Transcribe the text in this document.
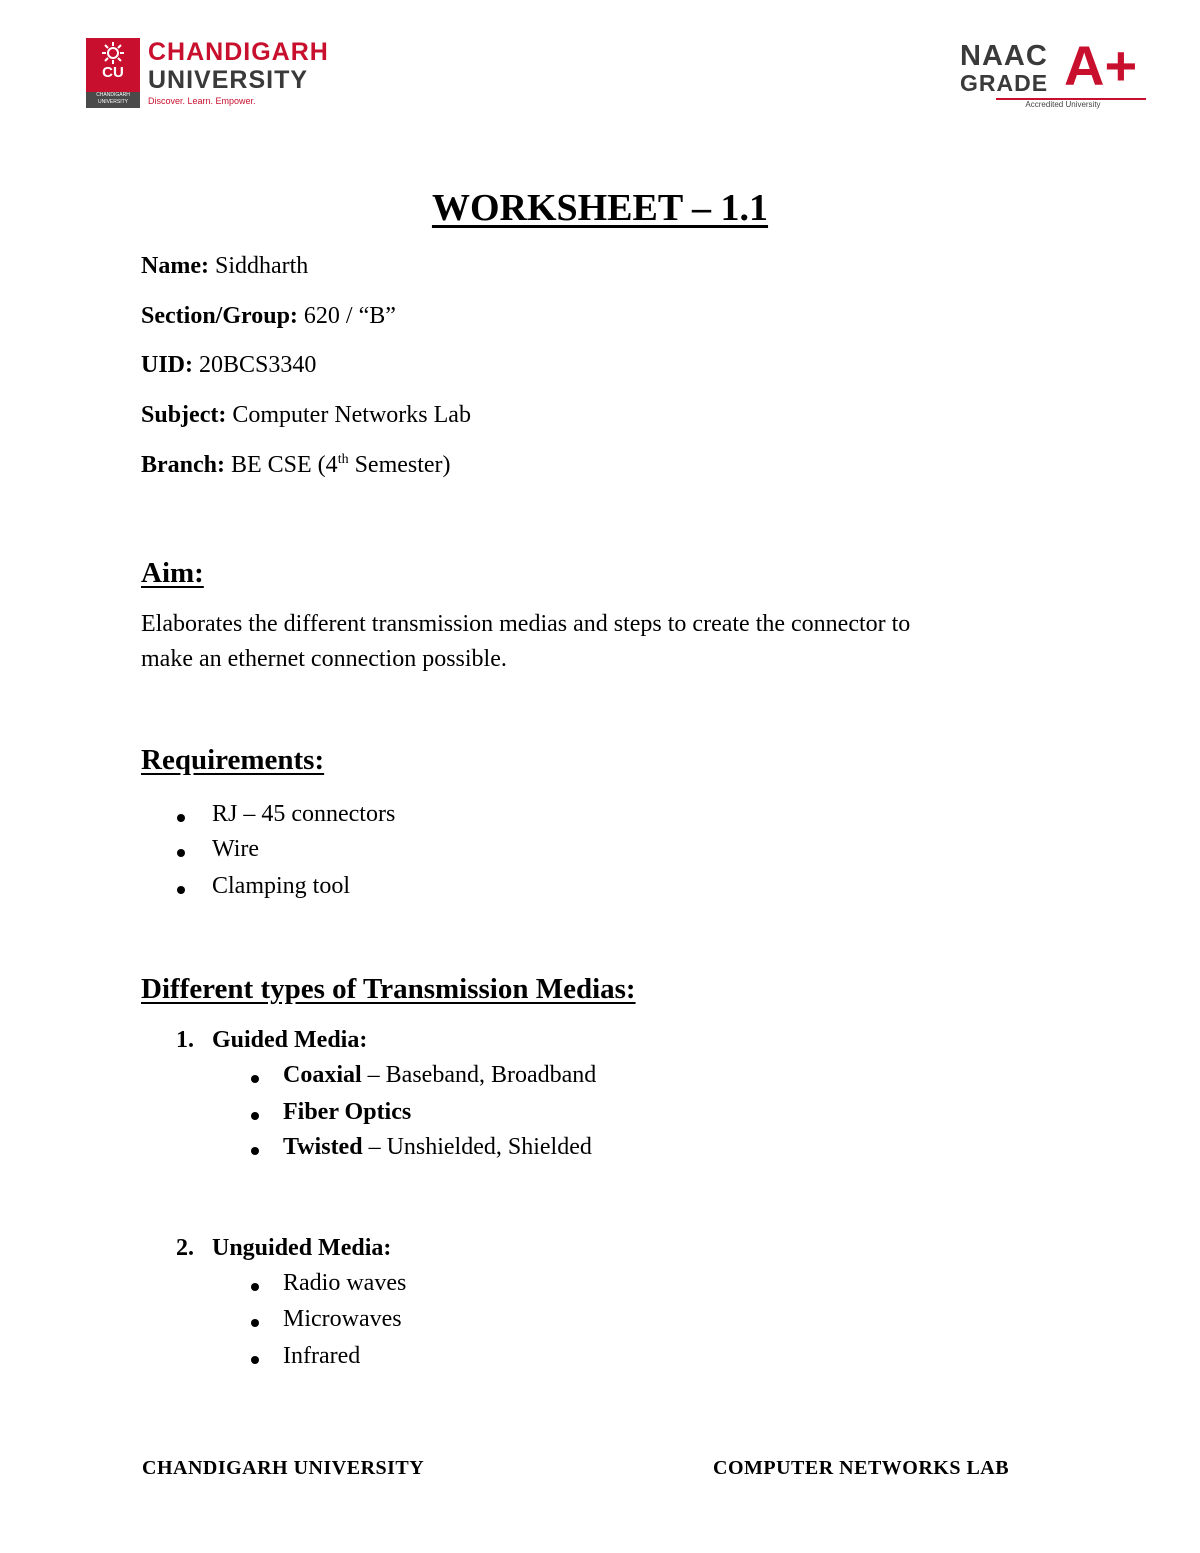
CU
CHANDIGARH UNIVERSITY
CHANDIGARH
UNIVERSITY
Discover. Learn. Empower.
NAAC
GRADE A+
Accredited University
WORKSHEET – 1.1
Name: Siddharth
Section/Group: 620 / “B”
UID: 20BCS3340
Subject: Computer Networks Lab
Branch: BE CSE (4th Semester)
Aim:
Elaborates the different transmission medias and steps to create the connector to
make an ethernet connection possible.
Requirements:
RJ – 45 connectors
Wire
Clamping tool
Different types of Transmission Medias:
1. Guided Media:
Coaxial – Baseband, Broadband
Fiber Optics
Twisted – Unshielded, Shielded
2. Unguided Media:
Radio waves
Microwaves
Infrared
CHANDIGARH UNIVERSITY	COMPUTER NETWORKS LAB
